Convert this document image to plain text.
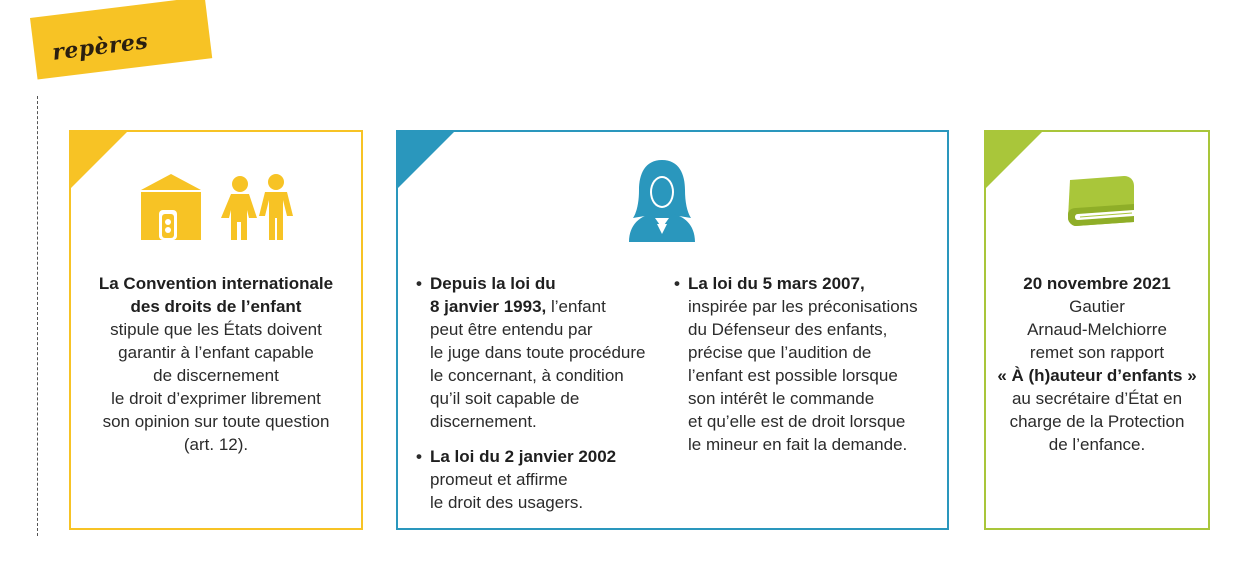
repères
La Convention internationale
des droits de l’enfant
stipule que les États doivent
garantir à l’enfant capable
de discernement
le droit d’exprimer librement
son opinion sur toute question
(art. 12).
• Depuis la loi du
8 janvier 1993, l’enfant
peut être entendu par
le juge dans toute procédure
le concernant, à condition
qu’il soit capable de
discernement.
• La loi du 2 janvier 2002
promeut et affirme
le droit des usagers.
• La loi du 5 mars 2007,
inspirée par les préconisations
du Défenseur des enfants,
précise que l’audition de
l’enfant est possible lorsque
son intérêt le commande
et qu’elle est de droit lorsque
le mineur en fait la demande.
20 novembre 2021
Gautier
Arnaud-Melchiorre
remet son rapport
« À (h)auteur d’enfants »
au secrétaire d’État en
charge de la Protection
de l’enfance.
